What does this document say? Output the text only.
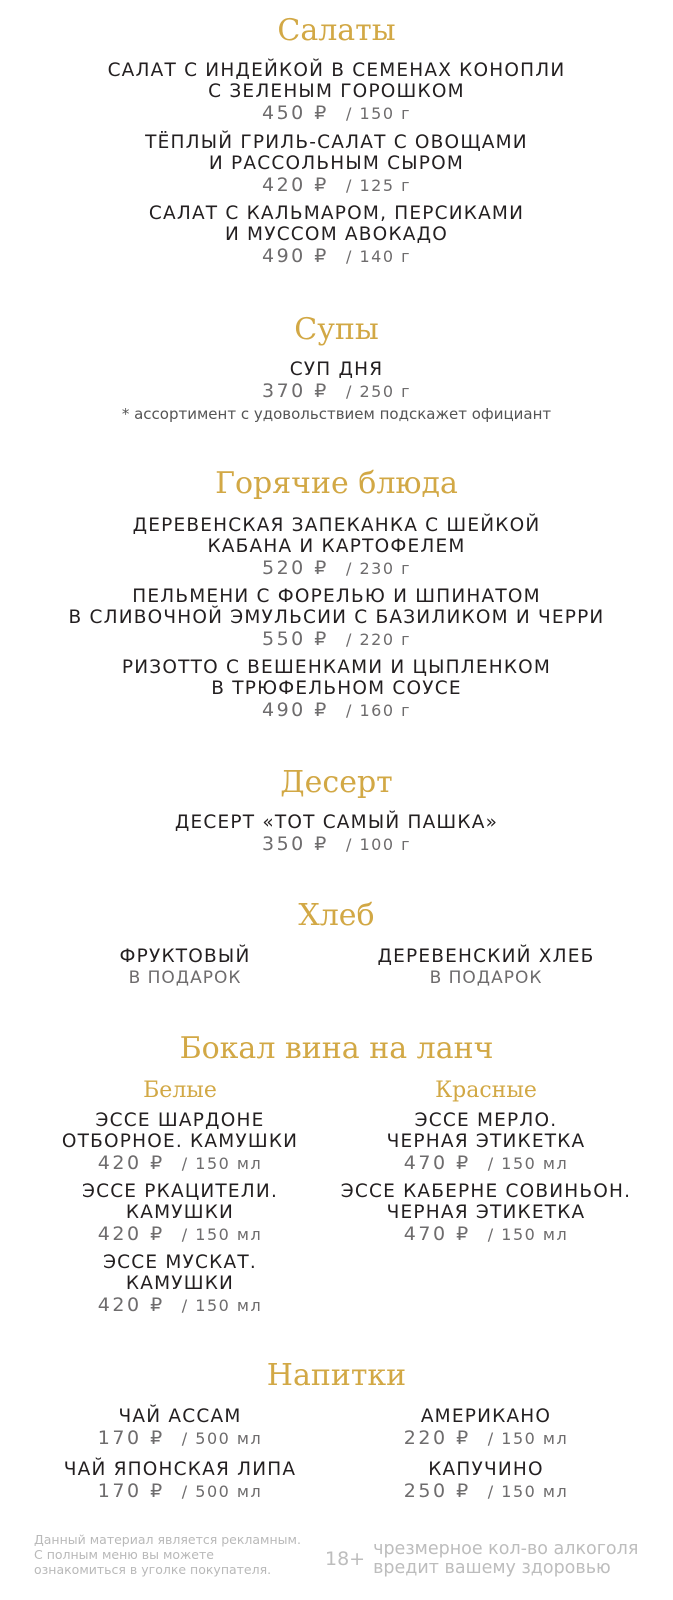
Салаты
САЛАТ С ИНДЕЙКОЙ В СЕМЕНАХ КОНОПЛИ
С ЗЕЛЕНЫМ ГОРОШКОМ
450 ₽ / 150 г
ТЁПЛЫЙ ГРИЛЬ-САЛАТ С ОВОЩАМИ
И РАССОЛЬНЫМ СЫРОМ
420 ₽ / 125 г
САЛАТ С КАЛЬМАРОМ, ПЕРСИКАМИ
И МУССОМ АВОКАДО
490 ₽ / 140 г
Супы
СУП ДНЯ
370 ₽ / 250 г
* ассортимент с удовольствием подскажет официант
Горячие блюда
ДЕРЕВЕНСКАЯ ЗАПЕКАНКА С ШЕЙКОЙ
КАБАНА И КАРТОФЕЛЕМ
520 ₽ / 230 г
ПЕЛЬМЕНИ С ФОРЕЛЬЮ И ШПИНАТОМ
В СЛИВОЧНОЙ ЭМУЛЬСИИ С БАЗИЛИКОМ И ЧЕРРИ
550 ₽ / 220 г
РИЗОТТО С ВЕШЕНКАМИ И ЦЫПЛЕНКОМ
В ТРЮФЕЛЬНОМ СОУСЕ
490 ₽ / 160 г
Десерт
ДЕСЕРТ «ТОТ САМЫЙ ПАШКА»
350 ₽ / 100 г
Хлеб
ФРУКТОВЫЙ
В ПОДАРОК
ДЕРЕВЕНСКИЙ ХЛЕБ
В ПОДАРОК
Бокал вина на ланч
Белые	Красные
ЭССЕ ШАРДОНЕ
ОТБОРНОЕ. КАМУШКИ
420 ₽ / 150 мл
ЭССЕ РКАЦИТЕЛИ.
КАМУШКИ
420 ₽ / 150 мл
ЭССЕ МУСКАТ.
КАМУШКИ
420 ₽ / 150 мл
ЭССЕ МЕРЛО.
ЧЕРНАЯ ЭТИКЕТКА
470 ₽ / 150 мл
ЭССЕ КАБЕРНЕ СОВИНЬОН.
ЧЕРНАЯ ЭТИКЕТКА
470 ₽ / 150 мл
Напитки
ЧАЙ АССАМ
170 ₽ / 500 мл
ЧАЙ ЯПОНСКАЯ ЛИПА
170 ₽ / 500 мл
АМЕРИКАНО
220 ₽ / 150 мл
КАПУЧИНО
250 ₽ / 150 мл
Данный материал является рекламным.
С полным меню вы можете
ознакомиться в уголке покупателя.	18+ чрезмерное кол-во алкоголя
вредит вашему здоровью
